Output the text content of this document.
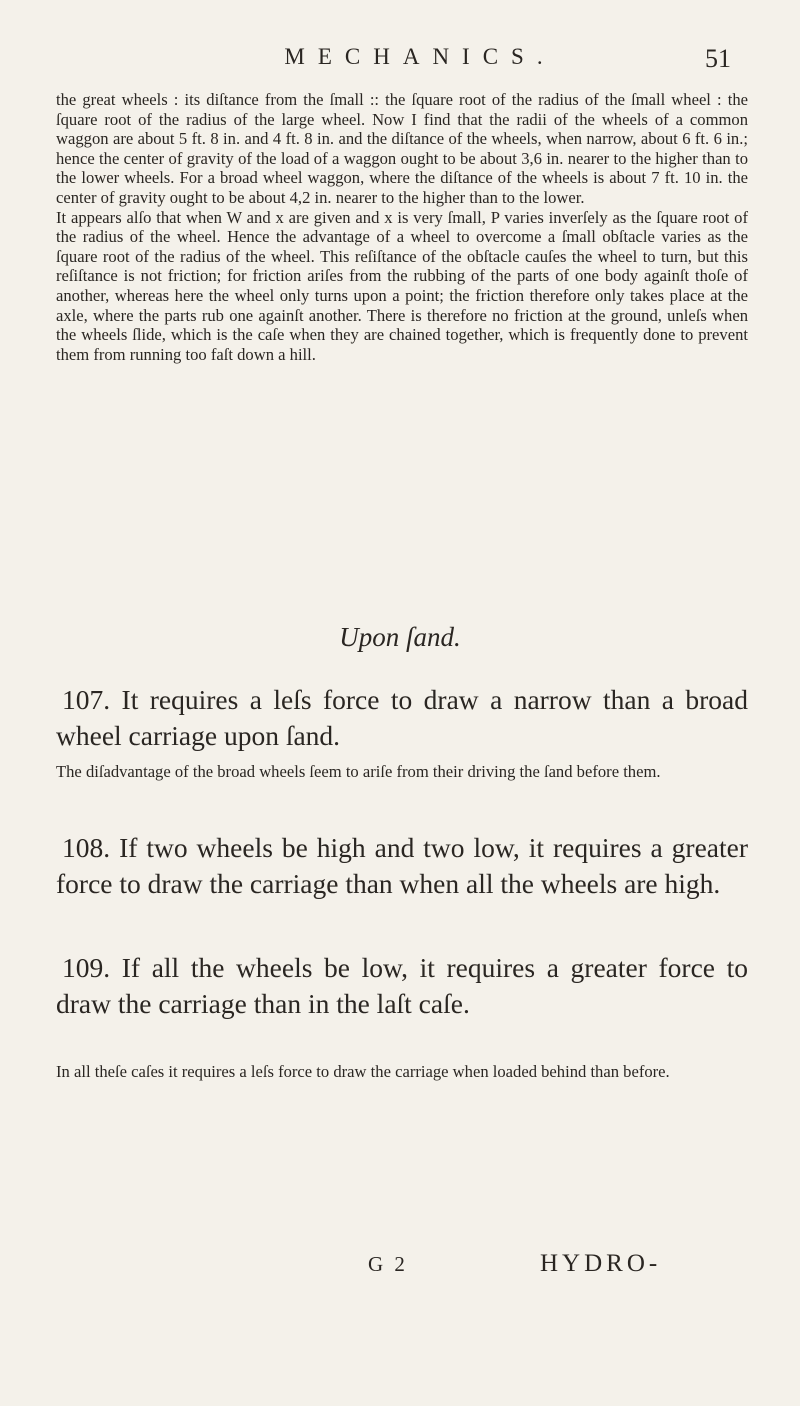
MECHANICS.	51

the great wheels : its diſtance from the ſmall :: the ſquare root of the radius of the ſmall wheel : the ſquare root of the radius of the large wheel. Now I find that the radii of the wheels of a common waggon are about 5 ft. 8 in. and 4 ft. 8 in. and the diſtance of the wheels, when narrow, about 6 ft. 6 in.; hence the center of gravity of the load of a waggon ought to be about 3,6 in. nearer to the higher than to the lower wheels. For a broad wheel waggon, where the diſtance of the wheels is about 7 ft. 10 in. the center of gravity ought to be about 4,2 in. nearer to the higher than to the lower.

It appears alſo that when W and x are given and x is very ſmall, P varies inverſely as the ſquare root of the radius of the wheel. Hence the advantage of a wheel to overcome a ſmall obſtacle varies as the ſquare root of the radius of the wheel. This reſiſtance of the obſtacle cauſes the wheel to turn, but this reſiſtance is not friction; for friction ariſes from the rubbing of the parts of one body againſt thoſe of another, whereas here the wheel only turns upon a point; the friction therefore only takes place at the axle, where the parts rub one againſt another. There is therefore no friction at the ground, unleſs when the wheels ſlide, which is the caſe when they are chained together, which is frequently done to prevent them from running too faſt down a hill.

Upon ſand.
107. It requires a leſs force to draw a narrow than a broad wheel carriage upon ſand.
The diſadvantage of the broad wheels ſeem to ariſe from their driving the ſand before them.
108. If two wheels be high and two low, it requires a greater force to draw the carriage than when all the wheels are high.
109. If all the wheels be low, it requires a greater force to draw the carriage than in the laſt caſe.
In all theſe caſes it requires a leſs force to draw the carriage when loaded behind than before.
G 2	HYDRO-
